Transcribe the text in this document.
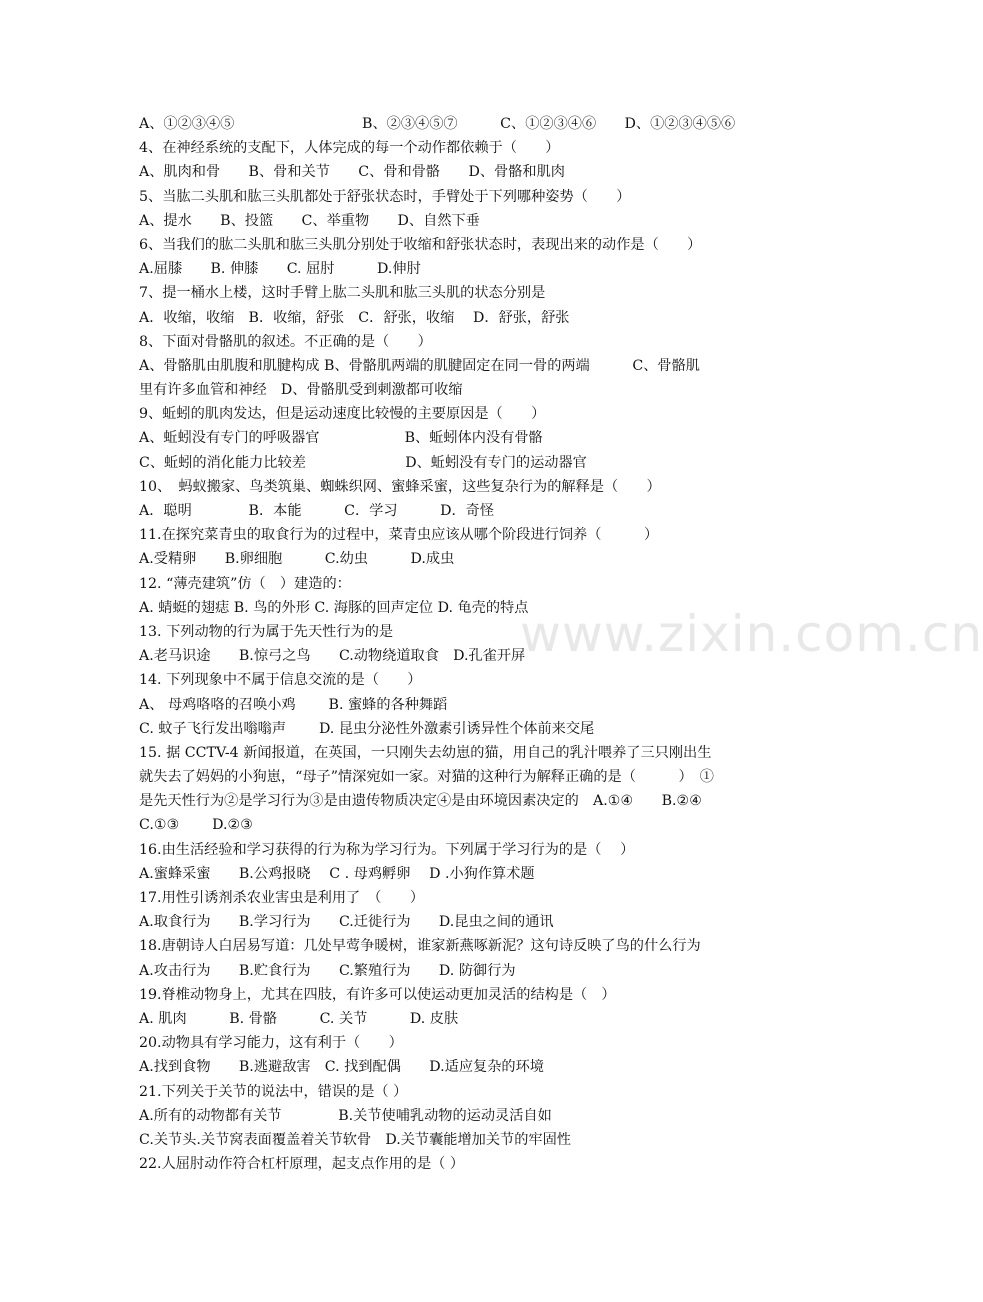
www.zixin.com.cn
A、①②③④⑤　　　　　　　　　B、②③④⑤⑦　　　C、①②③④⑥　　D、①②③④⑤⑥
4、在神经系统的支配下，人体完成的每一个动作都依赖于（　　）
A、肌肉和骨　　B、骨和关节　　C、骨和骨骼　　D、骨骼和肌肉
5、当肱二头肌和肱三头肌都处于舒张状态时，手臂处于下列哪种姿势（　　）
A、提水　　B、投篮　　C、举重物　　D、自然下垂
6、当我们的肱二头肌和肱三头肌分别处于收缩和舒张状态时，表现出来的动作是（　　）
A.屈膝　　B. 伸膝　　C. 屈肘　　　D.伸肘
7、提一桶水上楼，这时手臂上肱二头肌和肱三头肌的状态分别是
A．收缩，收缩　B．收缩，舒张　C．舒张，收缩　 D．舒张，舒张
8、下面对骨骼肌的叙述。不正确的是（　　）
A、骨骼肌由肌腹和肌腱构成 B、骨骼肌两端的肌腱固定在同一骨的两端　　　C、骨骼肌
里有许多血管和神经　D、骨骼肌受到刺激都可收缩
9、蚯蚓的肌肉发达，但是运动速度比较慢的主要原因是（　　）
A、蚯蚓没有专门的呼吸器官　　　　　　B、蚯蚓体内没有骨骼
C、蚯蚓的消化能力比较差　　　　　　　D、蚯蚓没有专门的运动器官
10、　蚂蚁搬家、鸟类筑巢、蜘蛛织网、蜜蜂采蜜，这些复杂行为的解释是（　　）
A．聪明　　　　B．本能　　　C．学习　　　D．奇怪
11.在探究菜青虫的取食行为的过程中，菜青虫应该从哪个阶段进行饲养（　　　）
A.受精卵　　B.卵细胞　　　C.幼虫　　　D.成虫
12. “薄壳建筑”仿（　）建造的：
A. 蜻蜓的翅痣 B. 鸟的外形 C. 海豚的回声定位 D. 龟壳的特点
13. 下列动物的行为属于先天性行为的是
A.老马识途　　B.惊弓之鸟　　C.动物绕道取食　D.孔雀开屏
14. 下列现象中不属于信息交流的是（　　）
A、 母鸡咯咯的召唤小鸡　　 B. 蜜蜂的各种舞蹈
C. 蚊子飞行发出嗡嗡声　　 D. 昆虫分泌性外激素引诱异性个体前来交尾
15. 据 CCTV-4 新闻报道，在英国，一只刚失去幼崽的猫，用自己的乳汁喂养了三只刚出生
就失去了妈妈的小狗崽，“母子”情深宛如一家。对猫的这种行为解释正确的是（　　　）　①
是先天性行为②是学习行为③是由遗传物质决定④是由环境因素决定的　A.①④　　B.②④
C.①③　　 D.②③
16.由生活经验和学习获得的行为称为学习行为。下列属于学习行为的是（　 ）
A.蜜蜂采蜜　　B.公鸡报晓　 C . 母鸡孵卵　 D .小狗作算术题
17.用性引诱剂杀农业害虫是利用了　（　　）
A.取食行为　　B.学习行为　　C.迁徙行为　　D.昆虫之间的通讯
18.唐朝诗人白居易写道：几处早莺争暖树，谁家新燕啄新泥？这句诗反映了鸟的什么行为
A.攻击行为　　B.贮食行为　　C.繁殖行为　　D. 防御行为
19.脊椎动物身上，尤其在四肢，有许多可以使运动更加灵活的结构是（　）
A. 肌肉　　　B. 骨骼　　　C. 关节　　　D. 皮肤
20.动物具有学习能力，这有利于（　　）
A.找到食物　　B.逃避敌害　C. 找到配偶　　D.适应复杂的环境
21.下列关于关节的说法中，错误的是（ ）
A.所有的动物都有关节　　　　B.关节使哺乳动物的运动灵活自如
C.关节头.关节窝表面覆盖着关节软骨　D.关节囊能增加关节的牢固性
22.人屈肘动作符合杠杆原理，起支点作用的是（ ）
